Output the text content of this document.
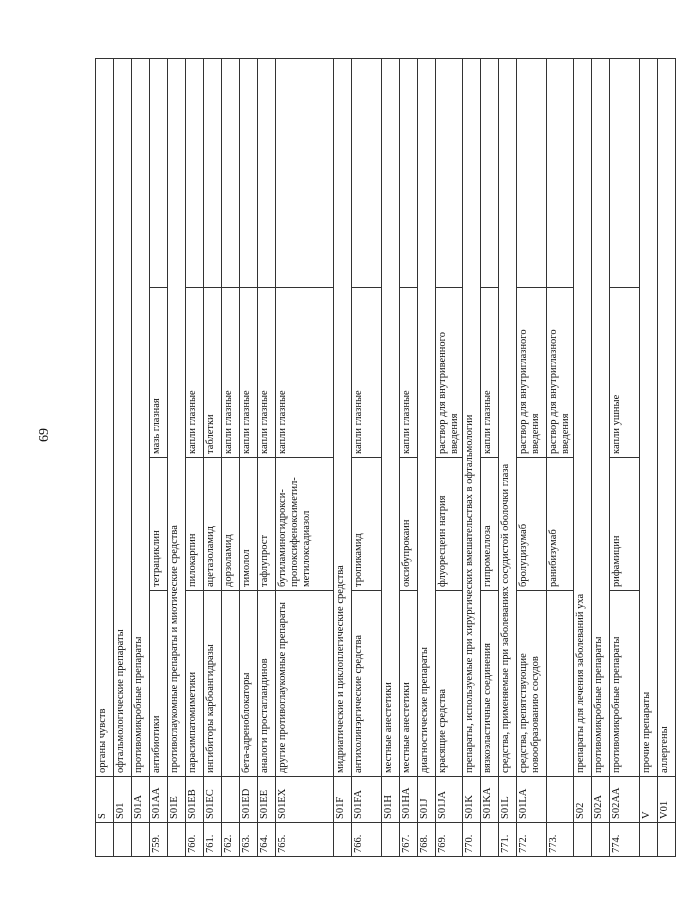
69
	S	органы чувств			
	S01	офтальмологические препараты			
	S01A	противомикробные препараты			
759.	S01AA	антибиотики	тетрациклин	мазь глазная	
	S01E	противоглаукомные препараты и миотические средства			
760.	S01EB	парасимпатомиметики	пилокарпин	капли глазные	
761.	S01EC	ингибиторы карбоангидразы	ацетазоламид	таблетки	
762.			дорзоламид	капли глазные	
763.	S01ED	бета-адреноблокаторы	тимолол	капли глазные	
764.	S01EE	аналоги простагландинов	тафлупрост	капли глазные	
765.	S01EX	другие противоглаукомные препараты	бутиламиногидрокси-пропоксифеноксиметил-метилоксадиазол	капли глазные	
	S01F	мидриатические и циклоплегические средства			
766.	S01FA	антихолинэргические средства	тропикамид	капли глазные	
	S01H	местные анестетики			
767.	S01HA	местные анестетики	оксибупрокаин	капли глазные	
768.	S01J	диагностические препараты			
769.	S01JA	красящие средства	флуоресцеин натрия	раствор для внутривенного введения	
770.	S01K	препараты, используемые при хирургических вмешательствах в офтальмологии			
	S01KA	вязкоэластичные соединения	гипромеллоза	капли глазные	
771.	S01L	средства, применяемые при заболеваниях сосудистой оболочки глаза			
772.	S01LA	средства, препятствующие новообразованию сосудов	бролуцизумаб	раствор для внутриглазного введения	
773.			ранибизумаб	раствор для внутриглазного введения	
	S02	препараты для лечения заболеваний уха			
	S02A	противомикробные препараты			
774.	S02AA	противомикробные препараты	рифамицин	капли ушные	
	V	прочие препараты			
	V01	аллергены			
